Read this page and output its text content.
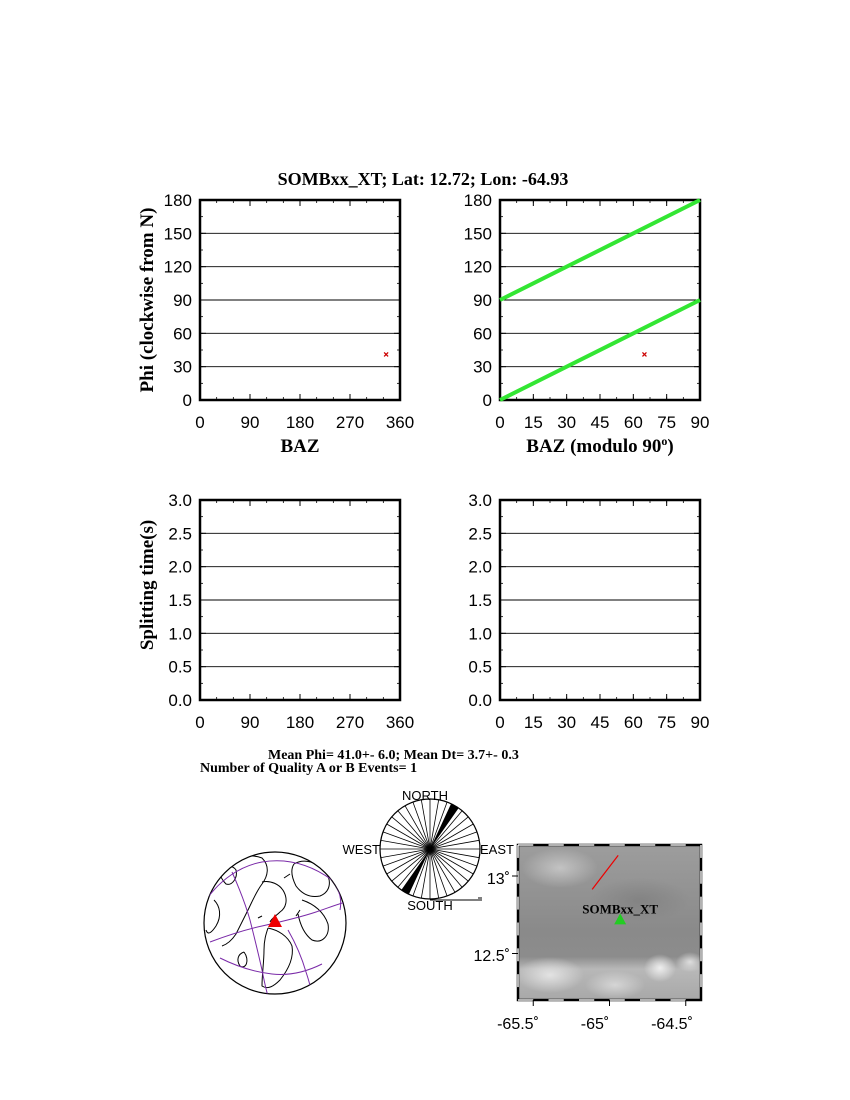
SOMBxx_XT; Lat: 12.72; Lon: -64.93
0 90 180 270 360
0
30
60
90
120
150
180
BAZ
Phi (clockwise from N)
0 15 30 45 60 75 90
0
30
60
90
120
150
180
BAZ (modulo 90$^o$)
0 90 180 270 360
0.0
0.5
1.0
1.5
2.0
2.5
3.0
Splitting time(s)
0 15 30 45 60 75 90
0.0
0.5
1.0
1.5
2.0
2.5
3.0
Mean Phi= 41.0+- 6.0; Mean Dt= 3.7+- 0.3
Number of Quality A or B Events= 1
NORTH
SOUTH
WEST	EAST
SOMBxx_XT
13˚
12.5˚
-65.5˚	-65˚	-64.5˚
